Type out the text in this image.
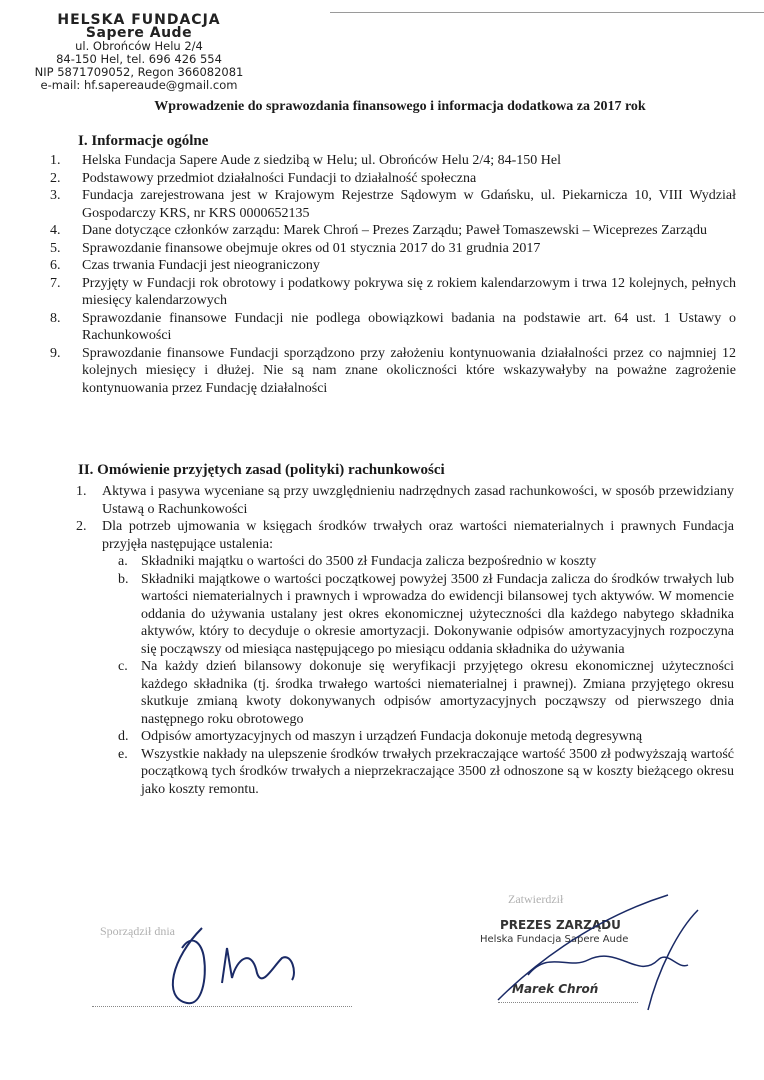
HELSKA FUNDACJA
Sapere Aude
ul. Obrońców Helu 2/4
84-150 Hel, tel. 696 426 554
NIP 5871709052, Regon 366082081
e-mail: hf.sapereaude@gmail.com
Wprowadzenie do sprawozdania finansowego i informacja dodatkowa za 2017 rok
I. Informacje ogólne
1. Helska Fundacja Sapere Aude z siedzibą w Helu; ul. Obrońców Helu 2/4; 84-150 Hel
2. Podstawowy przedmiot działalności Fundacji to działalność społeczna
3. Fundacja zarejestrowana jest w Krajowym Rejestrze Sądowym w Gdańsku, ul. Piekarnicza 10, VIII Wydział Gospodarczy KRS, nr KRS 0000652135
4. Dane dotyczące członków zarządu: Marek Chroń – Prezes Zarządu; Paweł Tomaszewski – Wiceprezes Zarządu
5. Sprawozdanie finansowe obejmuje okres od 01 stycznia 2017 do 31 grudnia 2017
6. Czas trwania Fundacji jest nieograniczony
7. Przyjęty w Fundacji rok obrotowy i podatkowy pokrywa się z rokiem kalendarzowym i trwa 12 kolejnych, pełnych miesięcy kalendarzowych
8. Sprawozdanie finansowe Fundacji nie podlega obowiązkowi badania na podstawie art. 64 ust. 1 Ustawy o Rachunkowości
9. Sprawozdanie finansowe Fundacji sporządzono przy założeniu kontynuowania działalności przez co najmniej 12 kolejnych miesięcy i dłużej. Nie są nam znane okoliczności które wskazywałyby na poważne zagrożenie kontynuowania przez Fundację działalności
II. Omówienie przyjętych zasad (polityki) rachunkowości
1. Aktywa i pasywa wyceniane są przy uwzględnieniu nadrzędnych zasad rachunkowości, w sposób przewidziany Ustawą o Rachunkowości
2. Dla potrzeb ujmowania w księgach środków trwałych oraz wartości niematerialnych i prawnych Fundacja przyjęła następujące ustalenia:
a. Składniki majątku o wartości do 3500 zł Fundacja zalicza bezpośrednio w koszty
b. Składniki majątkowe o wartości początkowej powyżej 3500 zł Fundacja zalicza do środków trwałych lub wartości niematerialnych i prawnych i wprowadza do ewidencji bilansowej tych aktywów. W momencie oddania do używania ustalany jest okres ekonomicznej użyteczności dla każdego nabytego składnika aktywów, który to decyduje o okresie amortyzacji. Dokonywanie odpisów amortyzacyjnych rozpoczyna się począwszy od miesiąca następującego po miesiącu oddania składnika do używania
c. Na każdy dzień bilansowy dokonuje się weryfikacji przyjętego okresu ekonomicznej użyteczności każdego składnika (tj. środka trwałego wartości niematerialnej i prawnej). Zmiana przyjętego okresu skutkuje zmianą kwoty dokonywanych odpisów amortyzacyjnych począwszy od pierwszego dnia następnego roku obrotowego
d. Odpisów amortyzacyjnych od maszyn i urządzeń Fundacja dokonuje metodą degresywną
e. Wszystkie nakłady na ulepszenie środków trwałych przekraczające wartość 3500 zł podwyższają wartość początkową tych środków trwałych a nieprzekraczające 3500 zł odnoszone są w koszty bieżącego okresu jako koszty remontu.
Sporządził dnia
Zatwierdził
PREZES ZARZĄDU
Helska Fundacja Sapere Aude
Marek Chroń
